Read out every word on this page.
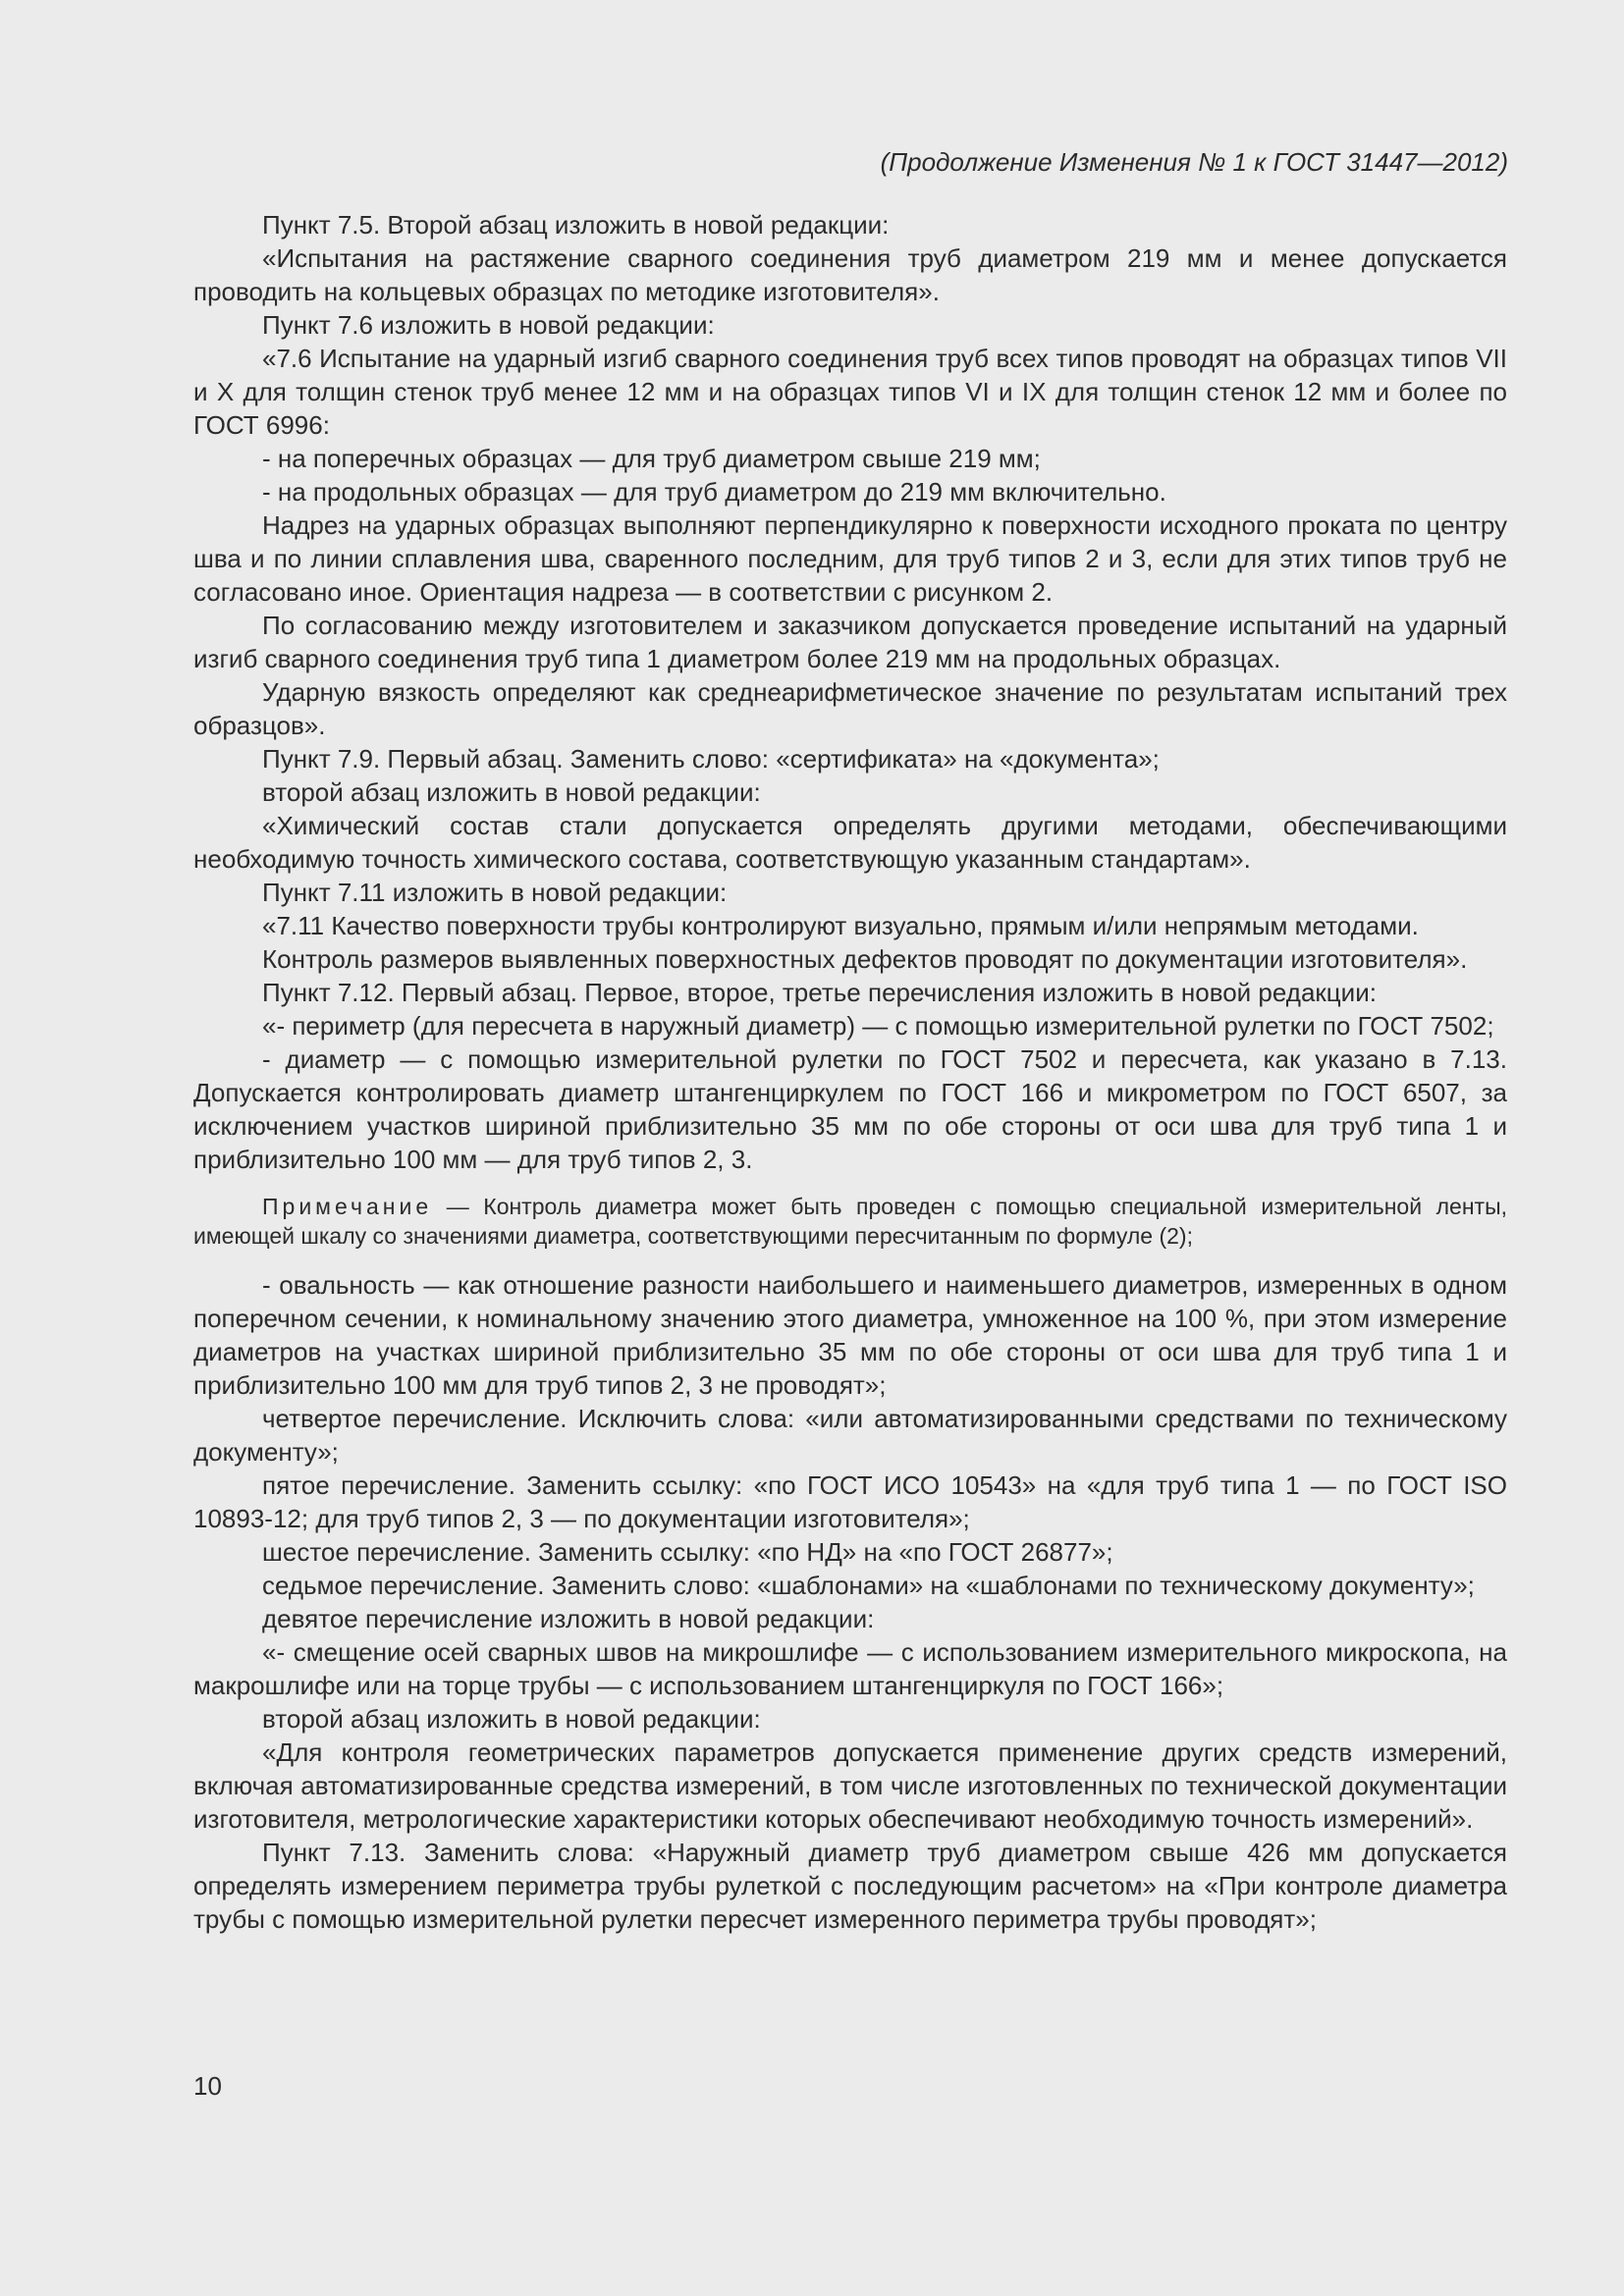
(Продолжение Изменения № 1 к ГОСТ 31447—2012)

Пункт 7.5. Второй абзац изложить в новой редакции:

«Испытания на растяжение сварного соединения труб диаметром 219 мм и менее допускается проводить на кольцевых образцах по методике изготовителя».

Пункт 7.6 изложить в новой редакции:

«7.6 Испытание на ударный изгиб сварного соединения труб всех типов проводят на образцах типов VII и X для толщин стенок труб менее 12 мм и на образцах типов VI и IX для толщин стенок 12 мм и более по ГОСТ 6996:

- на поперечных образцах — для труб диаметром свыше 219 мм;

- на продольных образцах — для труб диаметром до 219 мм включительно.

Надрез на ударных образцах выполняют перпендикулярно к поверхности исходного проката по центру шва и по линии сплавления шва, сваренного последним, для труб типов 2 и 3, если для этих типов труб не согласовано иное. Ориентация надреза — в соответствии с рисунком 2.

По согласованию между изготовителем и заказчиком допускается проведение испытаний на ударный изгиб сварного соединения труб типа 1 диаметром более 219 мм на продольных образцах.

Ударную вязкость определяют как среднеарифметическое значение по результатам испытаний трех образцов».

Пункт 7.9. Первый абзац. Заменить слово: «сертификата» на «документа»;

второй абзац изложить в новой редакции:

«Химический состав стали допускается определять другими методами, обеспечивающими необходимую точность химического состава, соответствующую указанным стандартам».

Пункт 7.11 изложить в новой редакции:

«7.11 Качество поверхности трубы контролируют визуально, прямым и/или непрямым методами.

Контроль размеров выявленных поверхностных дефектов проводят по документации изготовителя».

Пункт 7.12. Первый абзац. Первое, второе, третье перечисления изложить в новой редакции:

«- периметр (для пересчета в наружный диаметр) — с помощью измерительной рулетки по ГОСТ 7502;

- диаметр — с помощью измерительной рулетки по ГОСТ 7502 и пересчета, как указано в 7.13. Допускается контролировать диаметр штангенциркулем по ГОСТ 166 и микрометром по ГОСТ 6507, за исключением участков шириной приблизительно 35 мм по обе стороны от оси шва для труб типа 1 и приблизительно 100 мм — для труб типов 2, 3.

Примечание — Контроль диаметра может быть проведен с помощью специальной измерительной ленты, имеющей шкалу со значениями диаметра, соответствующими пересчитанным по формуле (2);

- овальность — как отношение разности наибольшего и наименьшего диаметров, измеренных в одном поперечном сечении, к номинальному значению этого диаметра, умноженное на 100 %, при этом измерение диаметров на участках шириной приблизительно 35 мм по обе стороны от оси шва для труб типа 1 и приблизительно 100 мм для труб типов 2, 3 не проводят»;

четвертое перечисление. Исключить слова: «или автоматизированными средствами по техническому документу»;

пятое перечисление. Заменить ссылку: «по ГОСТ ИСО 10543» на «для труб типа 1 — по ГОСТ ISO 10893-12; для труб типов 2, 3 — по документации изготовителя»;

шестое перечисление. Заменить ссылку: «по НД» на «по ГОСТ 26877»;

седьмое перечисление. Заменить слово: «шаблонами» на «шаблонами по техническому документу»;

девятое перечисление изложить в новой редакции:

«- смещение осей сварных швов на микрошлифе — с использованием измерительного микроскопа, на макрошлифе или на торце трубы — с использованием штангенциркуля по ГОСТ 166»;

второй абзац изложить в новой редакции:

«Для контроля геометрических параметров допускается применение других средств измерений, включая автоматизированные средства измерений, в том числе изготовленных по технической документации изготовителя, метрологические характеристики которых обеспечивают необходимую точность измерений».

Пункт 7.13. Заменить слова: «Наружный диаметр труб диаметром свыше 426 мм допускается определять измерением периметра трубы рулеткой с последующим расчетом» на «При контроле диаметра трубы с помощью измерительной рулетки пересчет измеренного периметра трубы проводят»;

10
